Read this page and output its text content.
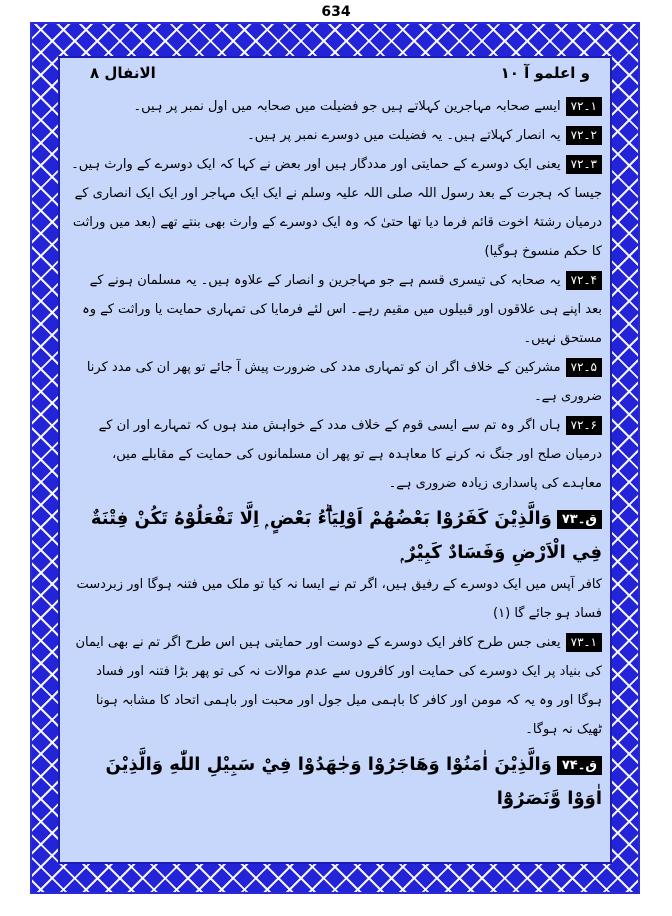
634
و اعلمو آ ۱۰
الانفال ۸

۱۔۷۲ایسے صحابہ مہاجرین کہلاتے ہیں جو فضیلت میں صحابہ میں اول نمبر پر ہیں۔

۲۔۷۲یہ انصار کہلاتے ہیں۔ یہ فضیلت میں دوسرے نمبر پر ہیں۔

۳۔۷۲یعنی ایک دوسرے کے حمایتی اور مددگار ہیں اور بعض نے کہا کہ ایک دوسرے کے وارث ہیں۔ جیسا کہ ہجرت کے بعد رسول اللہ صلی اللہ علیہ وسلم نے ایک ایک مہاجر اور ایک ایک انصاری کے درمیان رشتۂ اخوت قائم فرما دیا تھا حتیٰ کہ وہ ایک دوسرے کے وارث بھی بنتے تھے (بعد میں وراثت کا حکم منسوخ ہوگیا)

۴۔۷۲یہ صحابہ کی تیسری قسم ہے جو مہاجرین و انصار کے علاوہ ہیں۔ یہ مسلمان ہونے کے بعد اپنے ہی علاقوں اور قبیلوں میں مقیم رہے۔ اس لئے فرمایا کی تمہاری حمایت یا وراثت کے وہ مستحق نہیں۔

۵۔۷۲مشرکین کے خلاف اگر ان کو تمہاری مدد کی ضرورت پیش آ جائے تو پھر ان کی مدد کرنا ضروری ہے۔

۶۔۷۲ہاں اگر وہ تم سے ایسی قوم کے خلاف مدد کے خواہش مند ہوں کہ تمہارے اور ان کے درمیان صلح اور جنگ نہ کرنے کا معاہدہ ہے تو پھر ان مسلمانوں کی حمایت کے مقابلے میں، معاہدے کی پاسداری زیادہ ضروری ہے۔

ق۔۷۳وَالَّذِيْنَ كَفَرُوْا بَعْضُهُمْ اَوْلِيَاۗءُ بَعْضٍ ۭ اِلَّا تَفْعَلُوْهُ تَكُنْ فِتْنَةٌ فِي الْاَرْضِ وَفَسَادٌ كَبِيْرٌ ۭ

کافر آپس میں ایک دوسرے کے رفیق ہیں، اگر تم نے ایسا نہ کیا تو ملک میں فتنہ ہوگا اور زبردست فساد ہو جائے گا (۱)

۱۔۷۳یعنی جس طرح کافر ایک دوسرے کے دوست اور حمایتی ہیں اس طرح اگر تم نے بھی ایمان کی بنیاد پر ایک دوسرے کی حمایت اور کافروں سے عدم موالات نہ کی تو پھر بڑا فتنہ اور فساد ہوگا اور وہ یہ کہ مومن اور کافر کا باہمی میل جول اور محبت اور باہمی اتحاد کا مشابہ ہونا ٹھیک نہ ہوگا۔

ق۔۷۴وَالَّذِيْنَ اٰمَنُوْا وَهَاجَرُوْا وَجٰهَدُوْا فِيْ سَبِيْلِ اللّٰهِ وَالَّذِيْنَ اٰوَوْا وَّنَصَرُوْٓا
